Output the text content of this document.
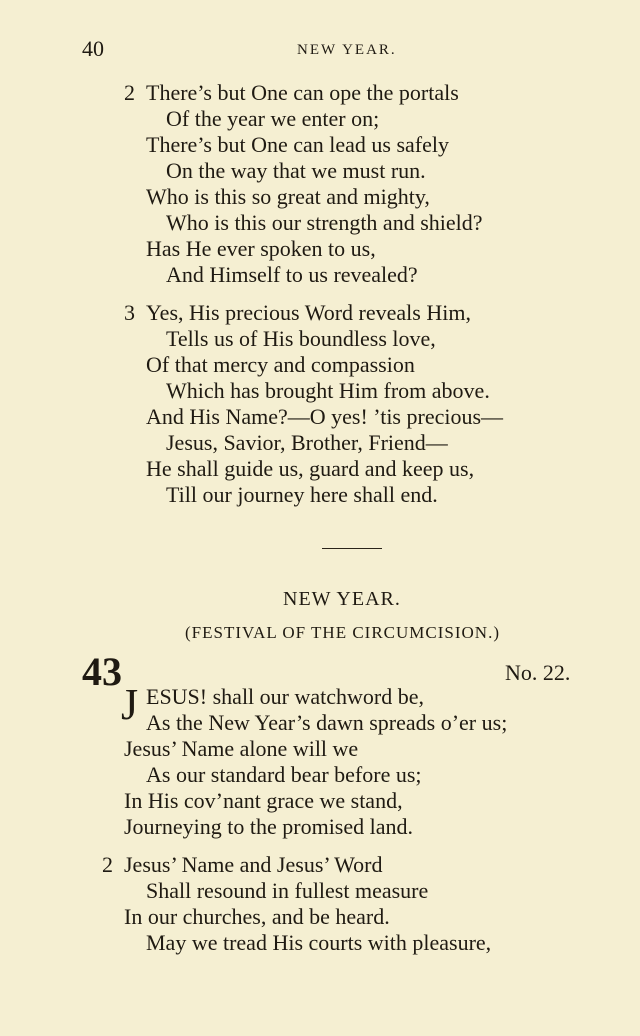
40	NEW YEAR.
2 There’s but One can ope the portals
Of the year we enter on;
There’s but One can lead us safely
On the way that we must run.
Who is this so great and mighty,
Who is this our strength and shield?
Has He ever spoken to us,
And Himself to us revealed?
3 Yes, His precious Word reveals Him,
Tells us of His boundless love,
Of that mercy and compassion
Which has brought Him from above.
And His Name?—O yes! ’tis precious—
Jesus, Savior, Brother, Friend—
He shall guide us, guard and keep us,
Till our journey here shall end.
NEW YEAR.
(FESTIVAL OF THE CIRCUMCISION.)
43	No. 22.
J ESUS! shall our watchword be,
As the New Year’s dawn spreads o’er us;
Jesus’ Name alone will we
As our standard bear before us;
In His cov’nant grace we stand,
Journeying to the promised land.
2 Jesus’ Name and Jesus’ Word
Shall resound in fullest measure
In our churches, and be heard.
May we tread His courts with pleasure,
